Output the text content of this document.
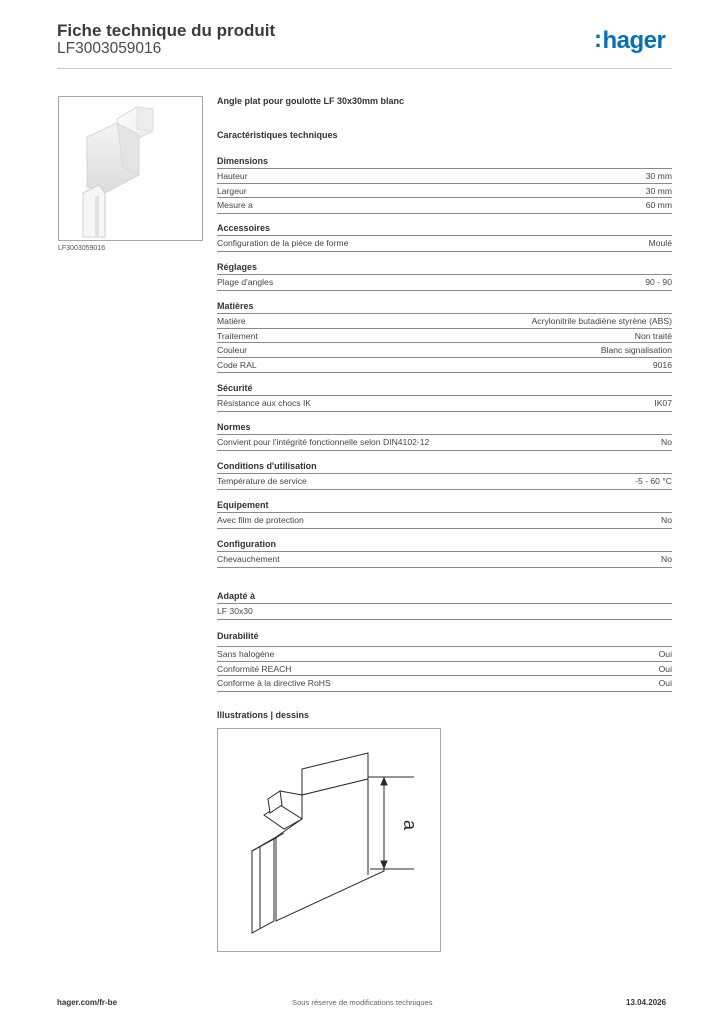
Fiche technique du produit
LF3003059016	:hager
LF3003059016
Angle plat pour goulotte LF 30x30mm blanc
Caractéristiques techniques
Dimensions
Hauteur	30 mm
Largeur	30 mm
Mesure a	60 mm
Accessoires
Configuration de la pièce de forme	Moulé
Réglages
Plage d'angles	90 - 90
Matières
Matière	Acrylonitrile butadiène styrène (ABS)
Traitement	Non traité
Couleur	Blanc signalisation
Code RAL	9016
Sécurité
Résistance aux chocs IK	IK07
Normes
Convient pour l'intégrité fonctionnelle selon DIN4102-12	No
Conditions d'utilisation
Température de service	-5 - 60 °C
Equipement
Avec film de protection	No
Configuration
Chevauchement	No
Adapté à
LF 30x30
Durabilité
Sans halogène	Oui
Conformité REACH	Oui
Conforme à la directive RoHS	Oui
Illustrations | dessins
a
hager.com/fr-be	Sous réserve de modifications techniques	13.04.2026
